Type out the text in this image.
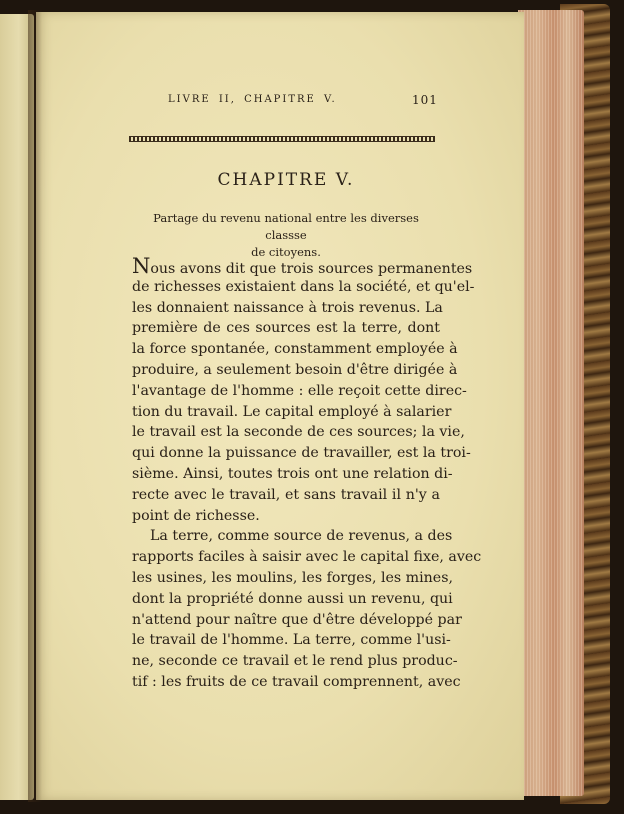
LIVRE II, CHAPITRE V.	101
CHAPITRE V.
Partage du revenu national entre les diverses classse
de citoyens.
Nous avons dit que trois sources permanentes
de richesses existaient dans la société, et qu'el-
les donnaient naissance à trois revenus. La
première de ces sources est la terre, dont
la force spontanée, constamment employée à
produire, a seulement besoin d'être dirigée à
l'avantage de l'homme : elle reçoit cette direc-
tion du travail. Le capital employé à salarier
le travail est la seconde de ces sources; la vie,
qui donne la puissance de travailler, est la troi-
sième. Ainsi, toutes trois ont une relation di-
recte avec le travail, et sans travail il n'y a
point de richesse.
La terre, comme source de revenus, a des
rapports faciles à saisir avec le capital fixe, avec
les usines, les moulins, les forges, les mines,
dont la propriété donne aussi un revenu, qui
n'attend pour naître que d'être développé par
le travail de l'homme. La terre, comme l'usi-
ne, seconde ce travail et le rend plus produc-
tif : les fruits de ce travail comprennent, avec
